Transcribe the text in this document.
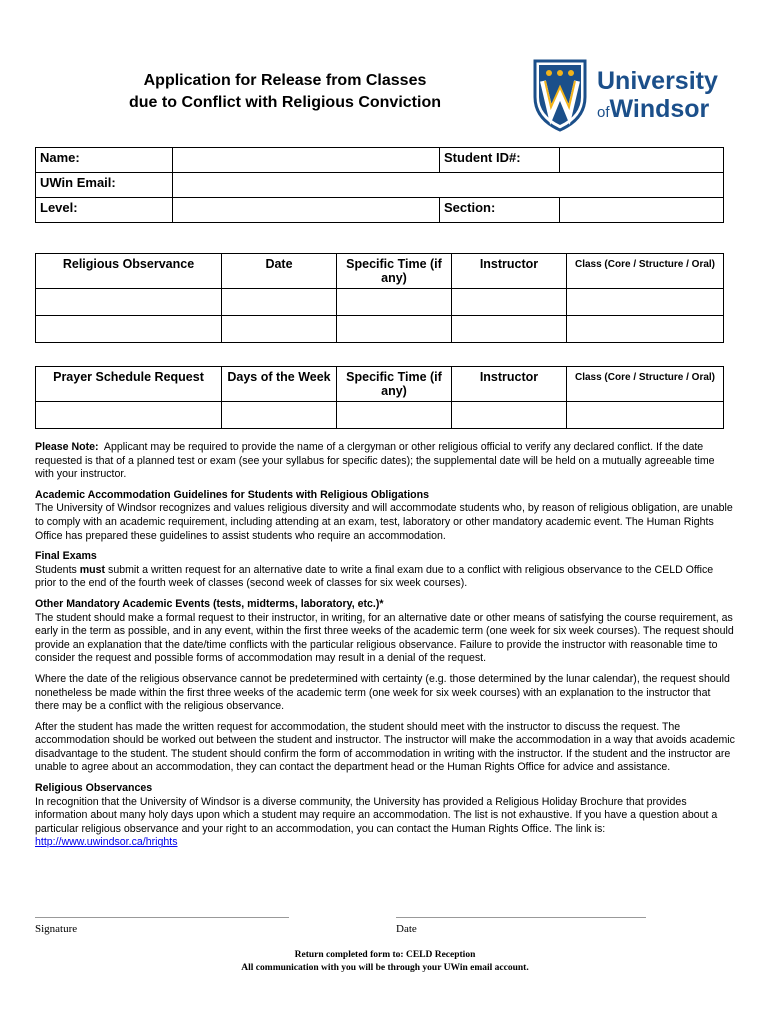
Application for Release from Classes
due to Conflict with Religious Conviction
University
ofWindsor
Name:		Student ID#:	
UWin Email:			
Level:		Section:	
Religious Observance	Date	Specific Time (if any)	Instructor	Class (Core / Structure / Oral)

Prayer Schedule Request	Days of the Week	Specific Time (if any)	Instructor	Class (Core / Structure / Oral)

Please Note: Applicant may be required to provide the name of a clergyman or other religious official to verify any declared conflict. If the date requested is that of a planned test or exam (see your syllabus for specific dates); the supplemental date will be held on a mutually agreeable time with your instructor.

Academic Accommodation Guidelines for Students with Religious Obligations
The University of Windsor recognizes and values religious diversity and will accommodate students who, by reason of religious obligation, are unable to comply with an academic requirement, including attending at an exam, test, laboratory or other mandatory academic event. The Human Rights Office has prepared these guidelines to assist students who require an accommodation.

Final Exams
Students must submit a written request for an alternative date to write a final exam due to a conflict with religious observance to the CELD Office prior to the end of the fourth week of classes (second week of classes for six week courses).

Other Mandatory Academic Events (tests, midterms, laboratory, etc.)*
The student should make a formal request to their instructor, in writing, for an alternative date or other means of satisfying the course requirement, as early in the term as possible, and in any event, within the first three weeks of the academic term (one week for six week courses). The request should provide an explanation that the date/time conflicts with the particular religious observance. Failure to provide the instructor with reasonable time to consider the request and possible forms of accommodation may result in a denial of the request.

Where the date of the religious observance cannot be predetermined with certainty (e.g. those determined by the lunar calendar), the request should nonetheless be made within the first three weeks of the academic term (one week for six week courses) with an explanation to the instructor that there may be a conflict with the religious observance.

After the student has made the written request for accommodation, the student should meet with the instructor to discuss the request. The accommodation should be worked out between the student and instructor. The instructor will make the accommodation in a way that avoids academic disadvantage to the student. The student should confirm the form of accommodation in writing with the instructor. If the student and the instructor are unable to agree about an accommodation, they can contact the department head or the Human Rights Office for advice and assistance.

Religious Observances
In recognition that the University of Windsor is a diverse community, the University has provided a Religious Holiday Brochure that provides information about many holy days upon which a student may require an accommodation. The list is not exhaustive. If you have a question about a particular religious observance and your right to an accommodation, you can contact the Human Rights Office. The link is:
http://www.uwindsor.ca/hrights

Signature	Date
Return completed form to: CELD Reception
All communication with you will be through your UWin email account.
